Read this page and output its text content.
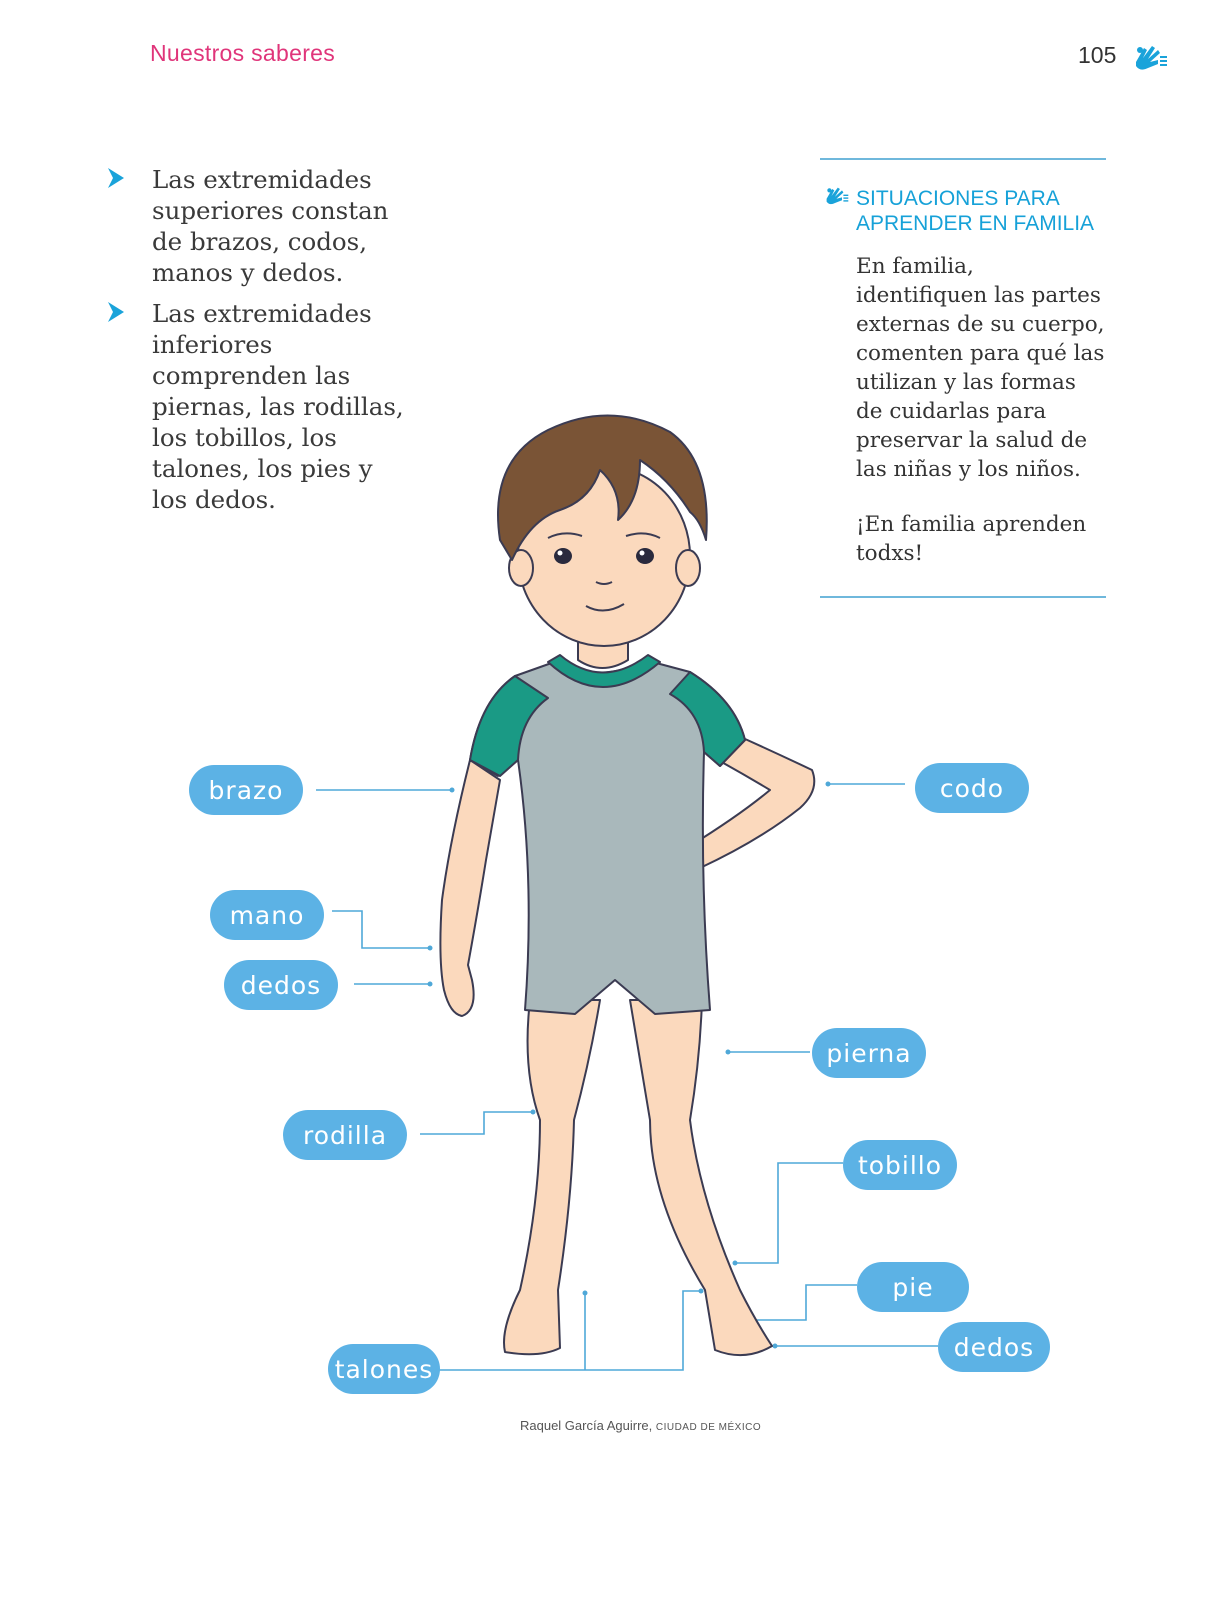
Nuestros saberes	105
Las extremidades superiores constan de brazos, codos, manos y dedos.
Las extremidades inferiores comprenden las piernas, las rodillas, los tobillos, los talones, los pies y los dedos.
SITUACIONES PARA
APRENDER EN FAMILIA
En familia, identifiquen las partes externas de su cuerpo, comenten para qué las utilizan y las formas de cuidarlas para preservar la salud de las niñas y los niños.
¡En familia aprenden todxs!
brazo	codo
mano
dedos
pierna
rodilla
tobillo
pie
dedos
talones
Raquel García Aguirre, CIUDAD DE MÉXICO
